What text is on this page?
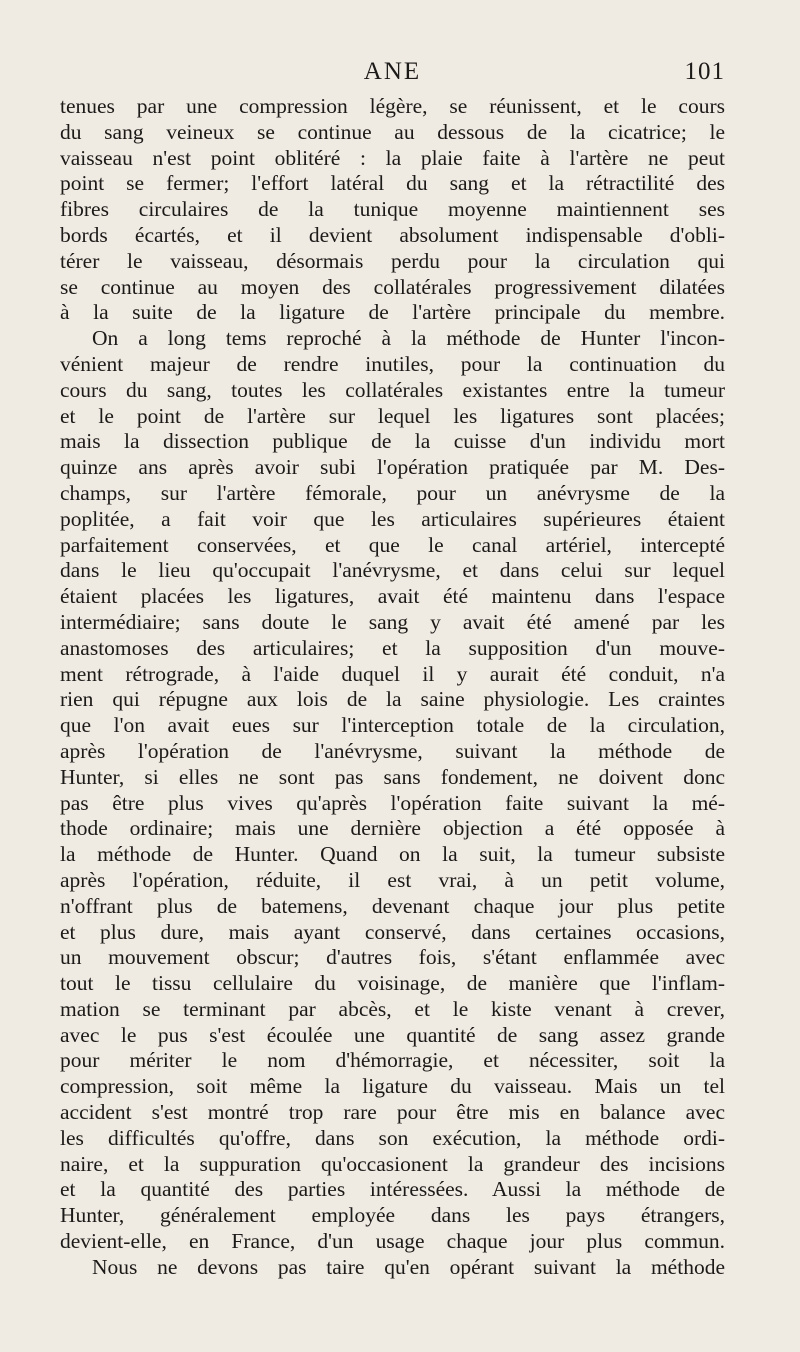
ANE	101
tenues par une compression légère, se réunissent, et le cours
du sang veineux se continue au dessous de la cicatrice; le
vaisseau n'est point oblitéré : la plaie faite à l'artère ne peut
point se fermer; l'effort latéral du sang et la rétractilité des
fibres circulaires de la tunique moyenne maintiennent ses
bords écartés, et il devient absolument indispensable d'obli-
térer le vaisseau, désormais perdu pour la circulation qui
se continue au moyen des collatérales progressivement dilatées
à la suite de la ligature de l'artère principale du membre.
On a long tems reproché à la méthode de Hunter l'incon-
vénient majeur de rendre inutiles, pour la continuation du
cours du sang, toutes les collatérales existantes entre la tumeur
et le point de l'artère sur lequel les ligatures sont placées;
mais la dissection publique de la cuisse d'un individu mort
quinze ans après avoir subi l'opération pratiquée par M. Des-
champs, sur l'artère fémorale, pour un anévrysme de la
poplitée, a fait voir que les articulaires supérieures étaient
parfaitement conservées, et que le canal artériel, intercepté
dans le lieu qu'occupait l'anévrysme, et dans celui sur lequel
étaient placées les ligatures, avait été maintenu dans l'espace
intermédiaire; sans doute le sang y avait été amené par les
anastomoses des articulaires; et la supposition d'un mouve-
ment rétrograde, à l'aide duquel il y aurait été conduit, n'a
rien qui répugne aux lois de la saine physiologie. Les craintes
que l'on avait eues sur l'interception totale de la circulation,
après l'opération de l'anévrysme, suivant la méthode de
Hunter, si elles ne sont pas sans fondement, ne doivent donc
pas être plus vives qu'après l'opération faite suivant la mé-
thode ordinaire; mais une dernière objection a été opposée à
la méthode de Hunter. Quand on la suit, la tumeur subsiste
après l'opération, réduite, il est vrai, à un petit volume,
n'offrant plus de batemens, devenant chaque jour plus petite
et plus dure, mais ayant conservé, dans certaines occasions,
un mouvement obscur; d'autres fois, s'étant enflammée avec
tout le tissu cellulaire du voisinage, de manière que l'inflam-
mation se terminant par abcès, et le kiste venant à crever,
avec le pus s'est écoulée une quantité de sang assez grande
pour mériter le nom d'hémorragie, et nécessiter, soit la
compression, soit même la ligature du vaisseau. Mais un tel
accident s'est montré trop rare pour être mis en balance avec
les difficultés qu'offre, dans son exécution, la méthode ordi-
naire, et la suppuration qu'occasionent la grandeur des incisions
et la quantité des parties intéressées. Aussi la méthode de
Hunter, généralement employée dans les pays étrangers,
devient-elle, en France, d'un usage chaque jour plus commun.
Nous ne devons pas taire qu'en opérant suivant la méthode
